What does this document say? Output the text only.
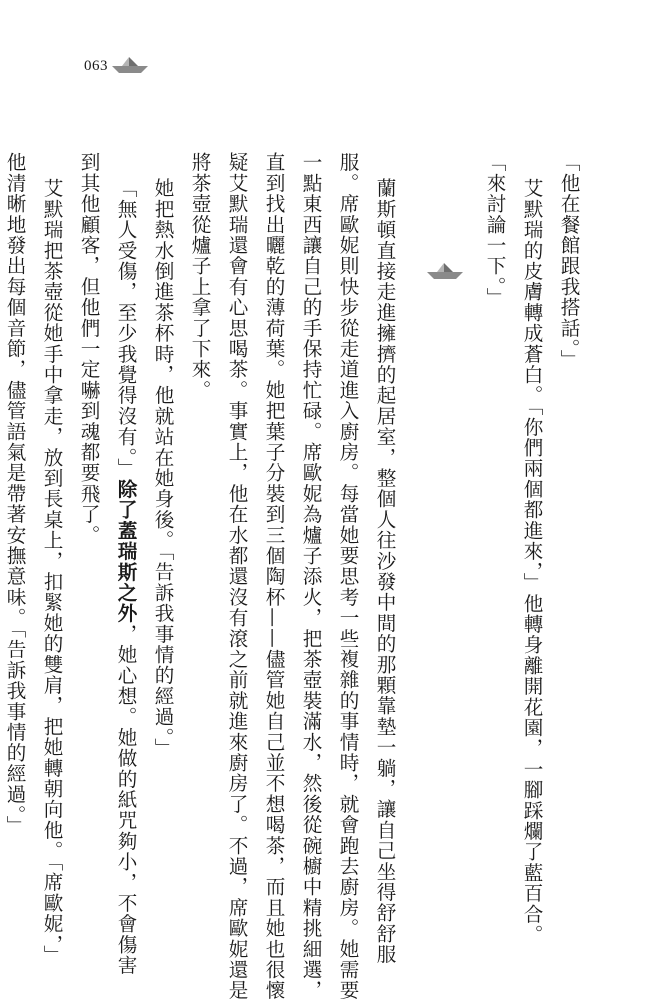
063
「他在餐館跟我搭話。」
艾默瑞的皮膚轉成蒼白。「你們兩個都進來，」他轉身離開花園，一腳踩爛了藍百合。
「來討論一下。」
蘭斯頓直接走進擁擠的起居室，整個人往沙發中間的那顆靠墊一躺，讓自己坐得舒舒服
服。席歐妮則快步從走道進入廚房。每當她要思考一些複雜的事情時，就會跑去廚房。她需要
一點東西讓自己的手保持忙碌。席歐妮為爐子添火，把茶壺裝滿水，然後從碗櫥中精挑細選，
直到找出曬乾的薄荷葉。她把葉子分裝到三個陶杯——儘管她自己並不想喝茶，而且她也很懷
疑艾默瑞還會有心思喝茶。事實上，他在水都還沒有滾之前就進來廚房了。不過，席歐妮還是
將茶壺從爐子上拿了下來。
她把熱水倒進茶杯時，他就站在她身後。「告訴我事情的經過。」
「無人受傷，至少我覺得沒有。」除了蓋瑞斯之外，她心想。她做的紙咒夠小，不會傷害
到其他顧客，但他們一定嚇到魂都要飛了。
艾默瑞把茶壺從她手中拿走，放到長桌上，扣緊她的雙肩，把她轉朝向他。「席歐妮，」
他清晰地發出每個音節，儘管語氣是帶著安撫意味。「告訴我事情的經過。」
